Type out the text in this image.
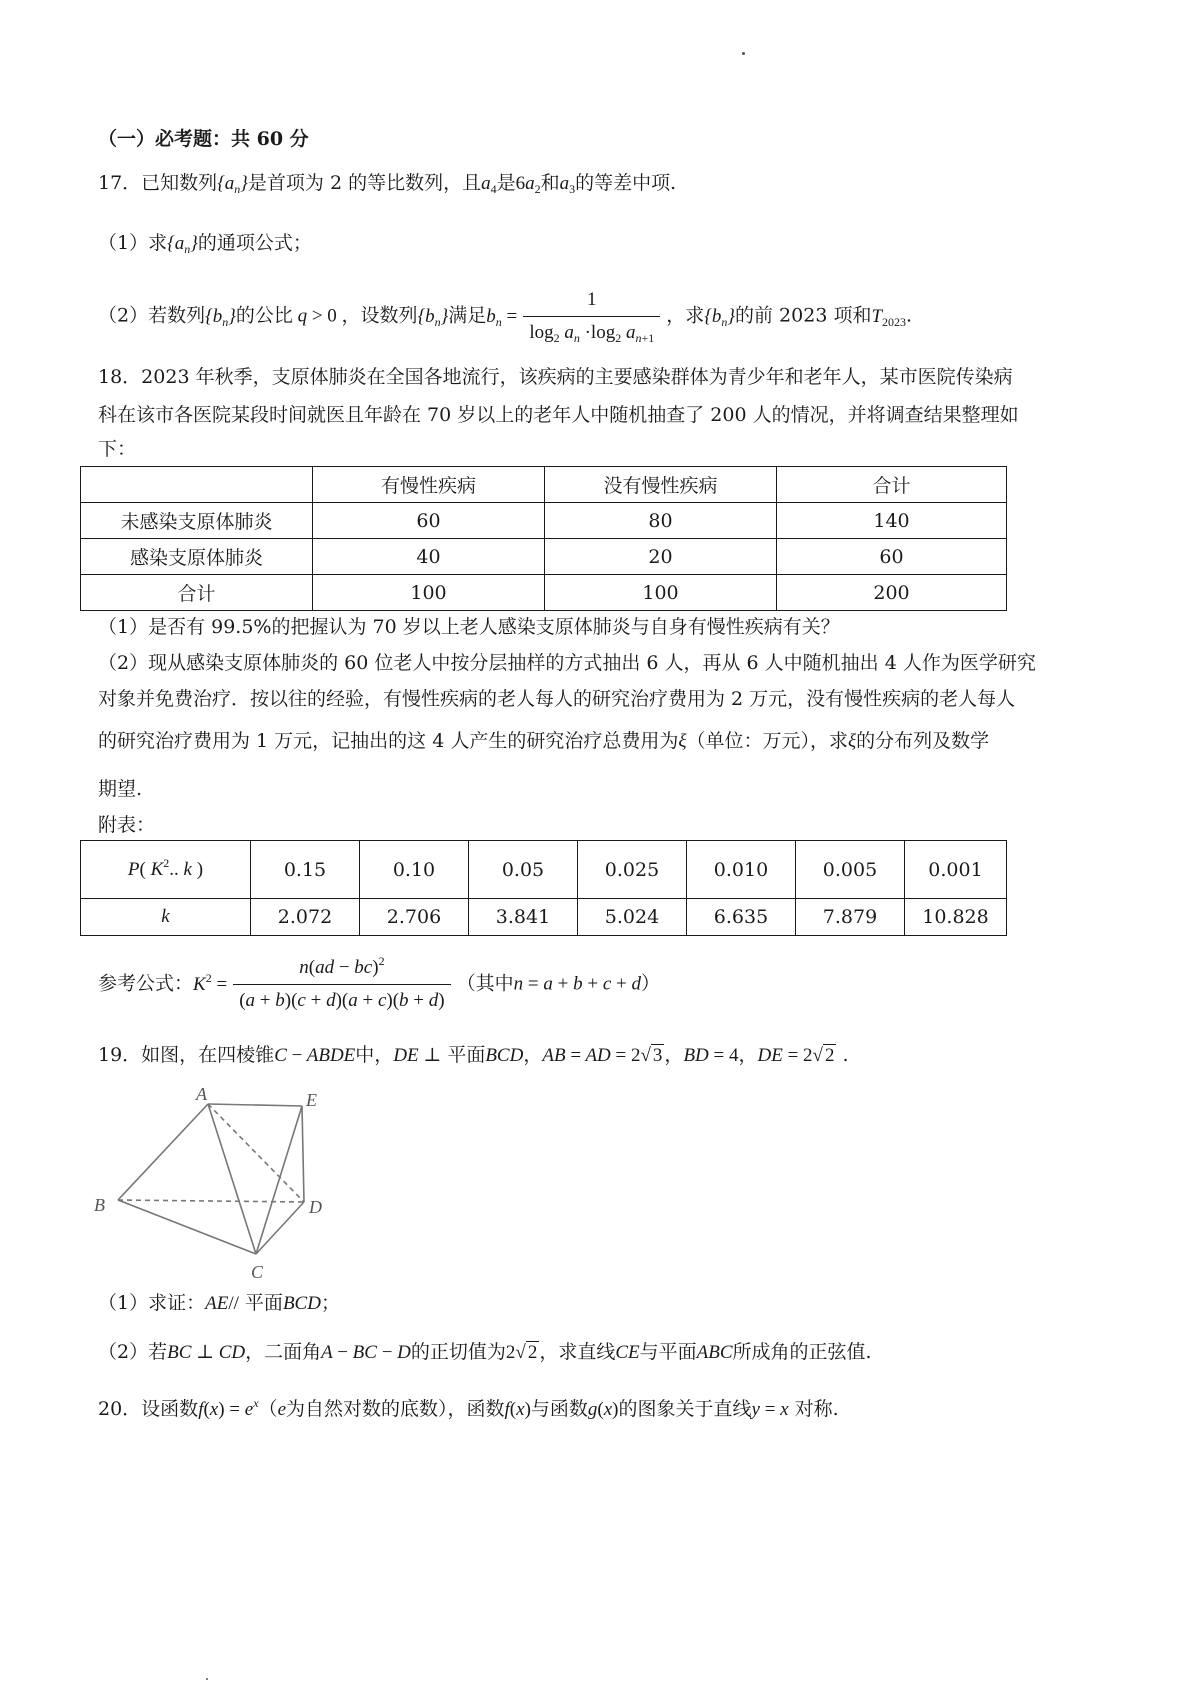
（一）必考题：共 60 分
17．已知数列$\{a_n\}$是首项为 2 的等比数列，且$a_4$是$6a_2$和$a_3$的等差中项.
（1）求$\{a_n\}$的通项公式；
（2）若数列$\{b_n\}$的公比 q > 0 ，设数列$\{b_n\}$满足$b_n = \frac{1}{\log_2 a_n \cdot\log_2 a_{n+1}}$ ，求$\{b_n\}$的前 2023 项和$T_{2023}$.
18．2023 年秋季，支原体肺炎在全国各地流行，该疾病的主要感染群体为青少年和老年人，某市医院传染病
科在该市各医院某段时间就医且年龄在 70 岁以上的老年人中随机抽查了 200 人的情况，并将调查结果整理如
下：
	有慢性疾病	没有慢性疾病	合计
未感染支原体肺炎	60	80	140
感染支原体肺炎	40	20	60
合计	100	100	200
（1）是否有 99.5%的把握认为 70 岁以上老人感染支原体肺炎与自身有慢性疾病有关？
（2）现从感染支原体肺炎的 60 位老人中按分层抽样的方式抽出 6 人，再从 6 人中随机抽出 4 人作为医学研究
对象并免费治疗．按以往的经验，有慢性疾病的老人每人的研究治疗费用为 2 万元，没有慢性疾病的老人每人
的研究治疗费用为 1 万元，记抽出的这 4 人产生的研究治疗总费用为ξ（单位：万元），求ξ的分布列及数学
期望.
附表：
P( $K^2$.. k )	0.15	0.10	0.05	0.025	0.010	0.005	0.001
k	2.072	2.706	3.841	5.024	6.635	7.879	10.828
参考公式：$K^2 = \frac{n(ad - bc)^2}{(a + b)(c + d)(a + c)(b + d)}$ （其中n = a + b + c + d）
19．如图，在四棱锥C − ABDE中，DE ⊥ 平面BCD，AB = AD = 2√ 3 ，BD = 4，DE = 2√ 2 .
A	E
B	D
C
（1）求证：AE// 平面BCD；
（2）若BC ⊥ CD，二面角A − BC − D的正切值为2√ 2 ，求直线CE与平面ABC所成角的正弦值.
20．设函数$f(x) = e^x(e$为自然对数的底数），函数f(x)与函数g(x)的图象关于直线y = x 对称.
